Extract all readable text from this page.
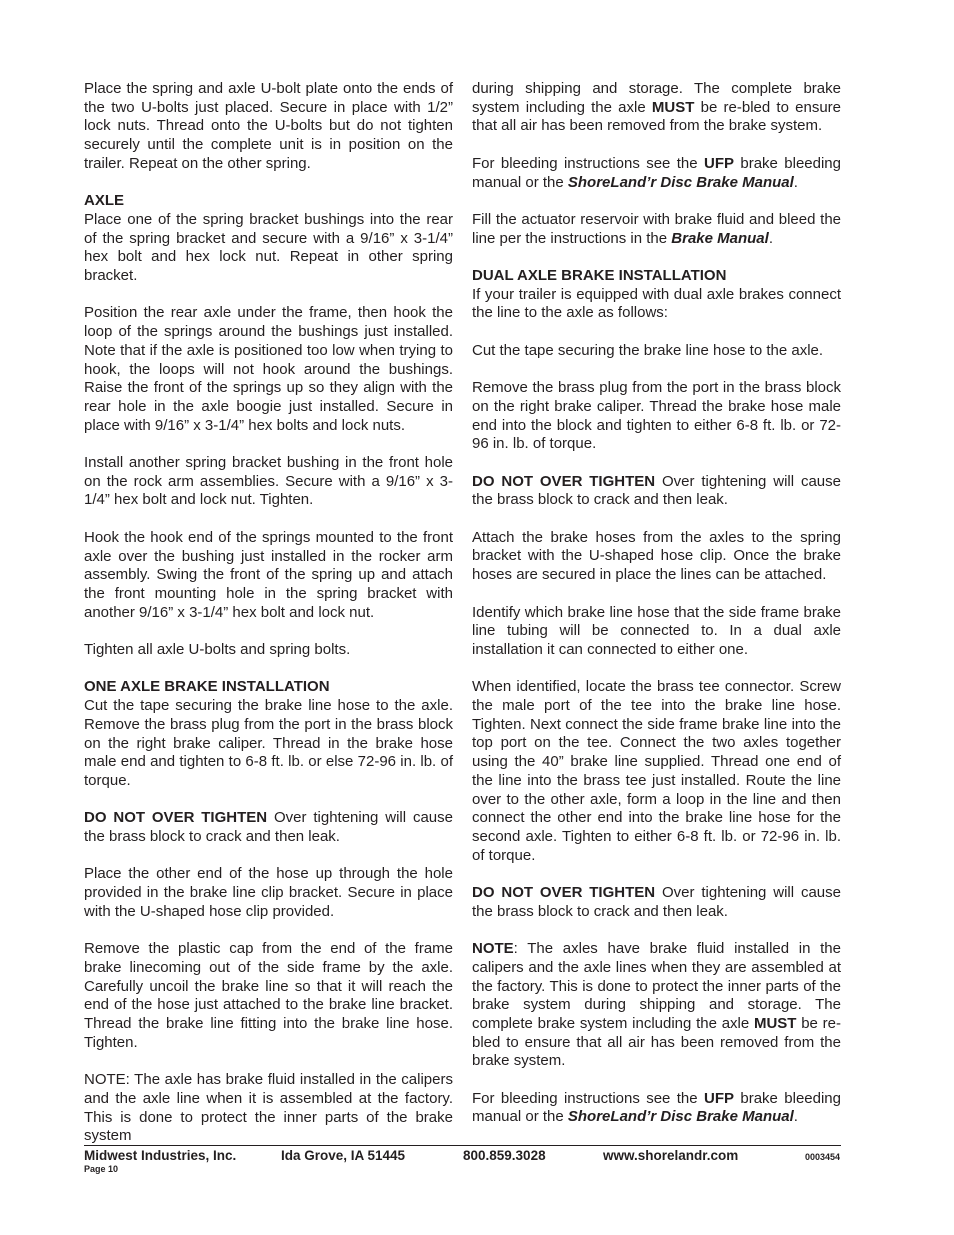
Place the spring and axle U-bolt plate onto the ends of the two U-bolts just placed. Secure in place with 1/2” lock nuts. Thread onto the U-bolts but do not tighten securely until the complete unit is in position on the trailer. Repeat on the other spring.

AXLE

Place one of the spring bracket bushings into the rear of the spring bracket and secure with a 9/16” x 3-1/4” hex bolt and hex lock nut. Repeat in other spring bracket.

Position the rear axle under the frame, then hook the loop of the springs around the bushings just installed. Note that if the axle is positioned too low when trying to hook, the loops will not hook around the bushings. Raise the front of the springs up so they align with the rear hole in the axle boogie just installed. Secure in place with 9/16” x 3-1/4” hex bolts and lock nuts.

Install another spring bracket bushing in the front hole on the rock arm assemblies. Secure with a 9/16” x 3-1/4” hex bolt and lock nut. Tighten.

Hook the hook end of the springs mounted to the front axle over the bushing just installed in the rocker arm assembly. Swing the front of the spring up and attach the front mounting hole in the spring bracket with another 9/16” x 3-1/4” hex bolt and lock nut.

Tighten all axle U-bolts and spring bolts.

ONE AXLE BRAKE INSTALLATION

Cut the tape securing the brake line hose to the axle. Remove the brass plug from the port in the brass block on the right brake caliper. Thread in the brake hose male end and tighten to 6-8 ft. lb. or else 72-96 in. lb. of torque.

DO NOT OVER TIGHTEN Over tightening will cause the brass block to crack and then leak.

Place the other end of the hose up through the hole provided in the brake line clip bracket. Secure in place with the U-shaped hose clip provided.

Remove the plastic cap from the end of the frame brake linecoming out of the side frame by the axle. Carefully uncoil the brake line so that it will reach the end of the hose just attached to the brake line bracket. Thread the brake line fitting into the brake line hose. Tighten.

NOTE: The axle has brake fluid installed in the calipers and the axle line when it is assembled at the factory. This is done to protect the inner parts of the brake system

during shipping and storage. The complete brake system including the axle MUST be re-bled to ensure that all air has been removed from the brake system.

For bleeding instructions see the UFP brake bleeding manual or the ShoreLand’r Disc Brake Manual.

Fill the actuator reservoir with brake fluid and bleed the line per the instructions in the Brake Manual.

DUAL AXLE BRAKE INSTALLATION

If your trailer is equipped with dual axle brakes connect the line to the axle as follows:

Cut the tape securing the brake line hose to the axle.

Remove the brass plug from the port in the brass block on the right brake caliper. Thread the brake hose male end into the block and tighten to either 6-8 ft. lb. or 72-96 in. lb. of torque.

DO NOT OVER TIGHTEN Over tightening will cause the brass block to crack and then leak.

Attach the brake hoses from the axles to the spring bracket with the U-shaped hose clip. Once the brake hoses are secured in place the lines can be attached.

Identify which brake line hose that the side frame brake line tubing will be connected to. In a dual axle installation it can connected to either one.

When identified, locate the brass tee connector. Screw the male port of the tee into the brake line hose. Tighten. Next connect the side frame brake line into the top port on the tee. Connect the two axles together using the 40” brake line supplied. Thread one end of the line into the brass tee just installed. Route the line over to the other axle, form a loop in the line and then connect the other end into the brake line hose for the second axle. Tighten to either 6-8 ft. lb. or 72-96 in. lb. of torque.

DO NOT OVER TIGHTEN Over tightening will cause the brass block to crack and then leak.

NOTE: The axles have brake fluid installed in the calipers and the axle lines when they are assembled at the factory. This is done to protect the inner parts of the brake system during shipping and storage. The complete brake system including the axle MUST be re-bled to ensure that all air has been removed from the brake system.

For bleeding instructions see the UFP brake bleeding manual or the ShoreLand’r Disc Brake Manual.

Midwest Industries, Inc.	Ida Grove, IA 51445	800.859.3028	www.shorelandr.com	0003454
Page 10
